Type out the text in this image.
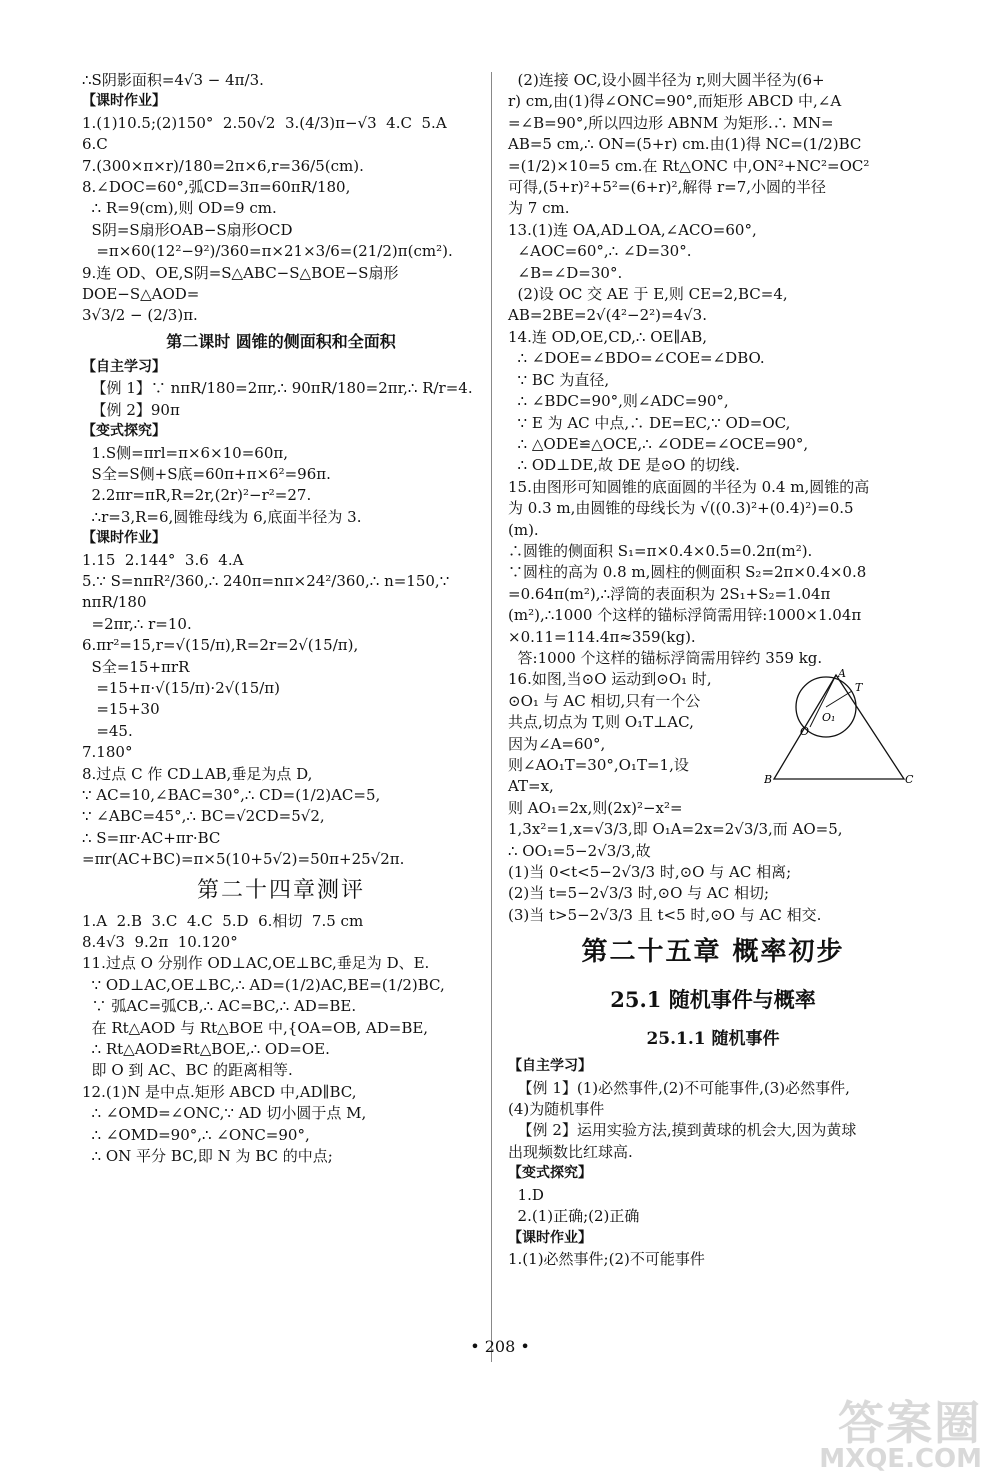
∴S阴影面积=4√3 − 4π/3.
【课时作业】
1.(1)10.5;(2)150°  2.50√2  3.(4/3)π−√3  4.C  5.A
6.C
7.(300×π×r)/180=2π×6,r=36/5(cm).
8.∠DOC=60°,弧CD=3π=60πR/180,
∴ R=9(cm),则 OD=9 cm.
S阴=S扇形OAB−S扇形OCD
=π×60(12²−9²)/360=π×21×3/6=(21/2)π(cm²).
9.连 OD、OE,S阴=S△ABC−S△BOE−S扇形DOE−S△AOD=
3√3/2 − (2/3)π.
第二课时 圆锥的侧面积和全面积
【自主学习】
【例 1】∵ nπR/180=2πr,∴ 90πR/180=2πr,∴ R/r=4.
【例 2】90π
【变式探究】
1.S侧=πrl=π×6×10=60π,
S全=S侧+S底=60π+π×6²=96π.
2.2πr=πR,R=2r,(2r)²−r²=27.
∴r=3,R=6,圆锥母线为 6,底面半径为 3.
【课时作业】
1.15  2.144°  3.6  4.A
5.∵ S=nπR²/360,∴ 240π=nπ×24²/360,∴ n=150,∵ nπR/180
=2πr,∴ r=10.
6.πr²=15,r=√(15/π),R=2r=2√(15/π),
S全=15+πrR
=15+π·√(15/π)·2√(15/π)
=15+30
=45.
7.180°
8.过点 C 作 CD⊥AB,垂足为点 D,
∵ AC=10,∠BAC=30°,∴ CD=(1/2)AC=5,
∵ ∠ABC=45°,∴ BC=√2CD=5√2,
∴ S=πr·AC+πr·BC
=πr(AC+BC)=π×5(10+5√2)=50π+25√2π.
第二十四章测评
1.A  2.B  3.C  4.C  5.D  6.相切  7.5 cm
8.4√3  9.2π  10.120°
11.过点 O 分别作 OD⊥AC,OE⊥BC,垂足为 D、E.
∵ OD⊥AC,OE⊥BC,∴ AD=(1/2)AC,BE=(1/2)BC,
∵ 弧AC=弧CB,∴ AC=BC,∴ AD=BE.
在 Rt△AOD 与 Rt△BOE 中,{OA=OB, AD=BE,
∴ Rt△AOD≌Rt△BOE,∴ OD=OE.
即 O 到 AC、BC 的距离相等.
12.(1)N 是中点.矩形 ABCD 中,AD∥BC,
∴ ∠OMD=∠ONC,∵ AD 切小圆于点 M,
∴ ∠OMD=90°,∴ ∠ONC=90°,
∴ ON 平分 BC,即 N 为 BC 的中点;
(2)连接 OC,设小圆半径为 r,则大圆半径为(6+
r) cm,由(1)得∠ONC=90°,而矩形 ABCD 中,∠A
=∠B=90°,所以四边形 ABNM 为矩形.∴ MN=
AB=5 cm,∴ ON=(5+r) cm.由(1)得 NC=(1/2)BC
=(1/2)×10=5 cm.在 Rt△ONC 中,ON²+NC²=OC²
可得,(5+r)²+5²=(6+r)²,解得 r=7,小圆的半径
为 7 cm.
13.(1)连 OA,AD⊥OA,∠ACO=60°,
∠AOC=60°,∴ ∠D=30°.
∠B=∠D=30°.
(2)设 OC 交 AE 于 E,则 CE=2,BC=4,
AB=2BE=2√(4²−2²)=4√3.
14.连 OD,OE,CD,∴ OE∥AB,
∴ ∠DOE=∠BDO=∠COE=∠DBO.
∵ BC 为直径,
∴ ∠BDC=90°,则∠ADC=90°,
∵ E 为 AC 中点,∴ DE=EC,∵ OD=OC,
∴ △ODE≌△OCE,∴ ∠ODE=∠OCE=90°,
∴ OD⊥DE,故 DE 是⊙O 的切线.
15.由图形可知圆锥的底面圆的半径为 0.4 m,圆锥的高
为 0.3 m,由圆锥的母线长为 √((0.3)²+(0.4)²)=0.5
(m).
∴圆锥的侧面积 S₁=π×0.4×0.5=0.2π(m²).
∵圆柱的高为 0.8 m,圆柱的侧面积 S₂=2π×0.4×0.8
=0.64π(m²),∴浮筒的表面积为 2S₁+S₂=1.04π
(m²),∴1000 个这样的锚标浮筒需用锌:1000×1.04π
×0.11=114.4π≈359(kg).
答:1000 个这样的锚标浮筒需用锌约 359 kg.
A
T
O₁
O
B	C
16.如图,当⊙O 运动到⊙O₁ 时,
⊙O₁ 与 AC 相切,只有一个公
共点,切点为 T,则 O₁T⊥AC,
因为∠A=60°,
则∠AO₁T=30°,O₁T=1,设
AT=x,
则 AO₁=2x,则(2x)²−x²=
1,3x²=1,x=√3/3,即 O₁A=2x=2√3/3,而 AO=5,
∴ OO₁=5−2√3/3,故
(1)当 0<t<5−2√3/3 时,⊙O 与 AC 相离;
(2)当 t=5−2√3/3 时,⊙O 与 AC 相切;
(3)当 t>5−2√3/3 且 t<5 时,⊙O 与 AC 相交.
第二十五章 概率初步
25.1 随机事件与概率
25.1.1 随机事件
【自主学习】
【例 1】(1)必然事件,(2)不可能事件,(3)必然事件,
(4)为随机事件
【例 2】运用实验方法,摸到黄球的机会大,因为黄球
出现频数比红球高.
【变式探究】
1.D
2.(1)正确;(2)正确
【课时作业】
1.(1)必然事件;(2)不可能事件
• 208 •
答案圈
MXQE.COM
